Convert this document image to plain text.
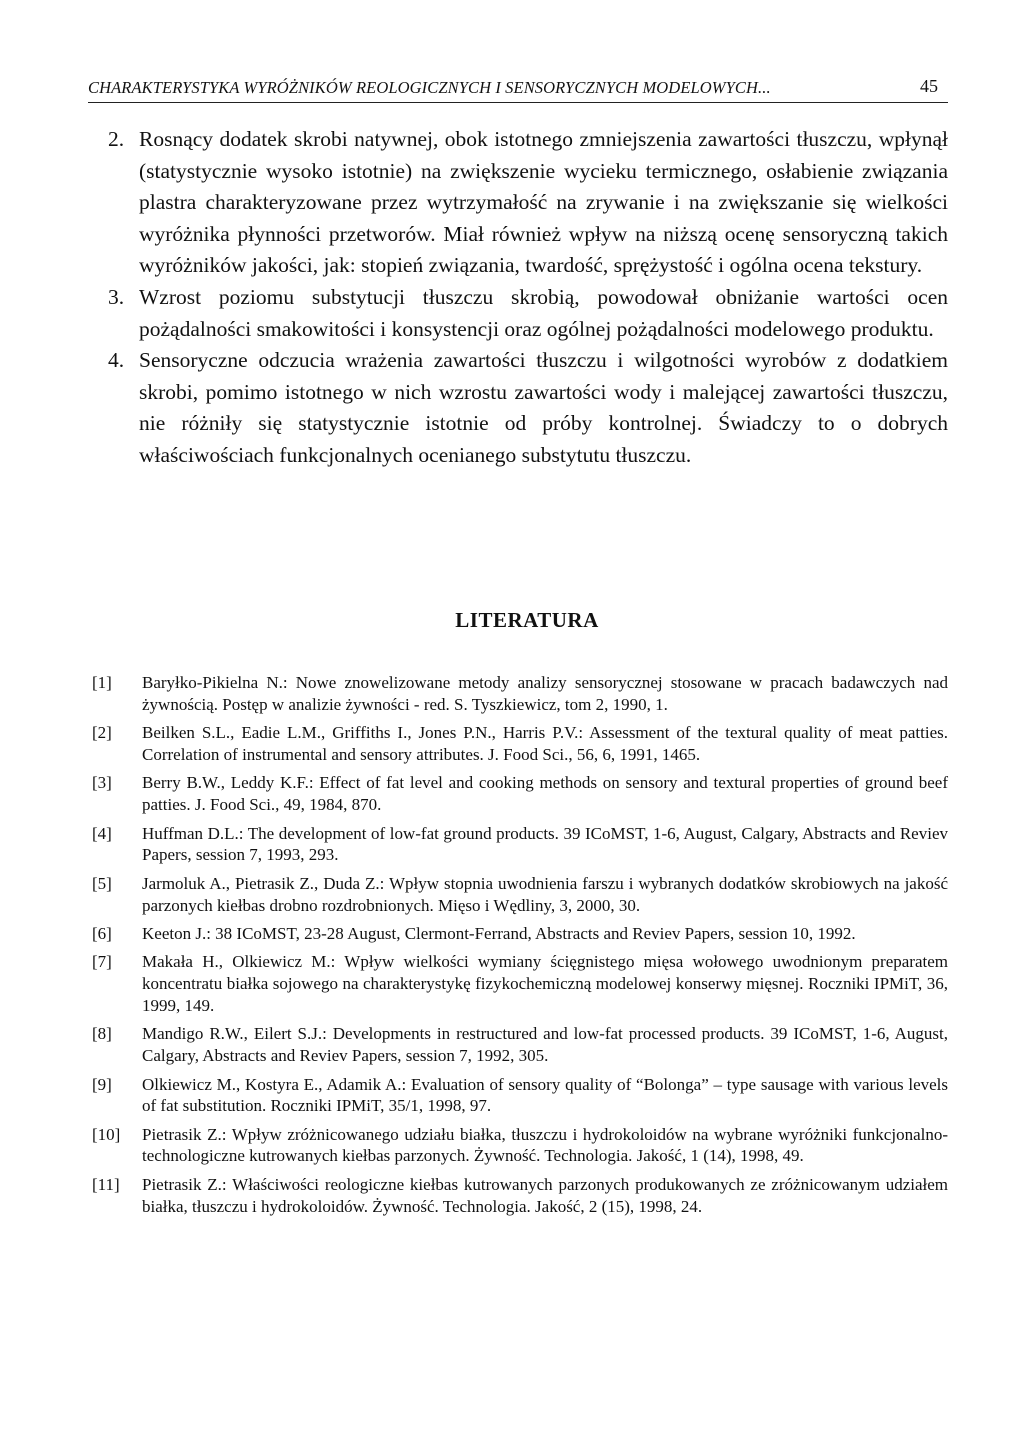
CHARAKTERYSTYKA WYRÓŻNIKÓW REOLOGICZNYCH I SENSORYCZNYCH MODELOWYCH...	45
2. Rosnący dodatek skrobi natywnej, obok istotnego zmniejszenia zawartości tłuszczu, wpłynął (statystycznie wysoko istotnie) na zwiększenie wycieku termicznego, osłabienie związania plastra charakteryzowane przez wytrzymałość na zrywanie i na zwiększanie się wielkości wyróżnika płynności przetworów. Miał również wpływ na niższą ocenę sensoryczną takich wyróżników jakości, jak: stopień związania, twardość, sprężystość i ogólna ocena tekstury.
3. Wzrost poziomu substytucji tłuszczu skrobią, powodował obniżanie wartości ocen pożądalności smakowitości i konsystencji oraz ogólnej pożądalności modelowego produktu.
4. Sensoryczne odczucia wrażenia zawartości tłuszczu i wilgotności wyrobów z dodatkiem skrobi, pomimo istotnego w nich wzrostu zawartości wody i malejącej zawartości tłuszczu, nie różniły się statystycznie istotnie od próby kontrolnej. Świadczy to o dobrych właściwościach funkcjonalnych ocenianego substytutu tłuszczu.
LITERATURA
[1] Baryłko-Pikielna N.: Nowe znowelizowane metody analizy sensorycznej stosowane w pracach badawczych nad żywnością. Postęp w analizie żywności - red. S. Tyszkiewicz, tom 2, 1990, 1.
[2] Beilken S.L., Eadie L.M., Griffiths I., Jones P.N., Harris P.V.: Assessment of the textural quality of meat patties. Correlation of instrumental and sensory attributes. J. Food Sci., 56, 6, 1991, 1465.
[3] Berry B.W., Leddy K.F.: Effect of fat level and cooking methods on sensory and textural properties of ground beef patties. J. Food Sci., 49, 1984, 870.
[4] Huffman D.L.: The development of low-fat ground products. 39 ICoMST, 1-6, August, Calgary, Abstracts and Reviev Papers, session 7, 1993, 293.
[5] Jarmoluk A., Pietrasik Z., Duda Z.: Wpływ stopnia uwodnienia farszu i wybranych dodatków skrobiowych na jakość parzonych kiełbas drobno rozdrobnionych. Mięso i Wędliny, 3, 2000, 30.
[6] Keeton J.: 38 ICoMST, 23-28 August, Clermont-Ferrand, Abstracts and Reviev Papers, session 10, 1992.
[7] Makała H., Olkiewicz M.: Wpływ wielkości wymiany ścięgnistego mięsa wołowego uwodnionym preparatem koncentratu białka sojowego na charakterystykę fizykochemiczną modelowej konserwy mięsnej. Roczniki IPMiT, 36, 1999, 149.
[8] Mandigo R.W., Eilert S.J.: Developments in restructured and low-fat processed products. 39 ICoMST, 1-6, August, Calgary, Abstracts and Reviev Papers, session 7, 1992, 305.
[9] Olkiewicz M., Kostyra E., Adamik A.: Evaluation of sensory quality of “Bolonga” – type sausage with various levels of fat substitution. Roczniki IPMiT, 35/1, 1998, 97.
[10] Pietrasik Z.: Wpływ zróżnicowanego udziału białka, tłuszczu i hydrokoloidów na wybrane wyróżniki funkcjonalno-technologiczne kutrowanych kiełbas parzonych. Żywność. Technologia. Jakość, 1 (14), 1998, 49.
[11] Pietrasik Z.: Właściwości reologiczne kiełbas kutrowanych parzonych produkowanych ze zróżnicowanym udziałem białka, tłuszczu i hydrokoloidów. Żywność. Technologia. Jakość, 2 (15), 1998, 24.
